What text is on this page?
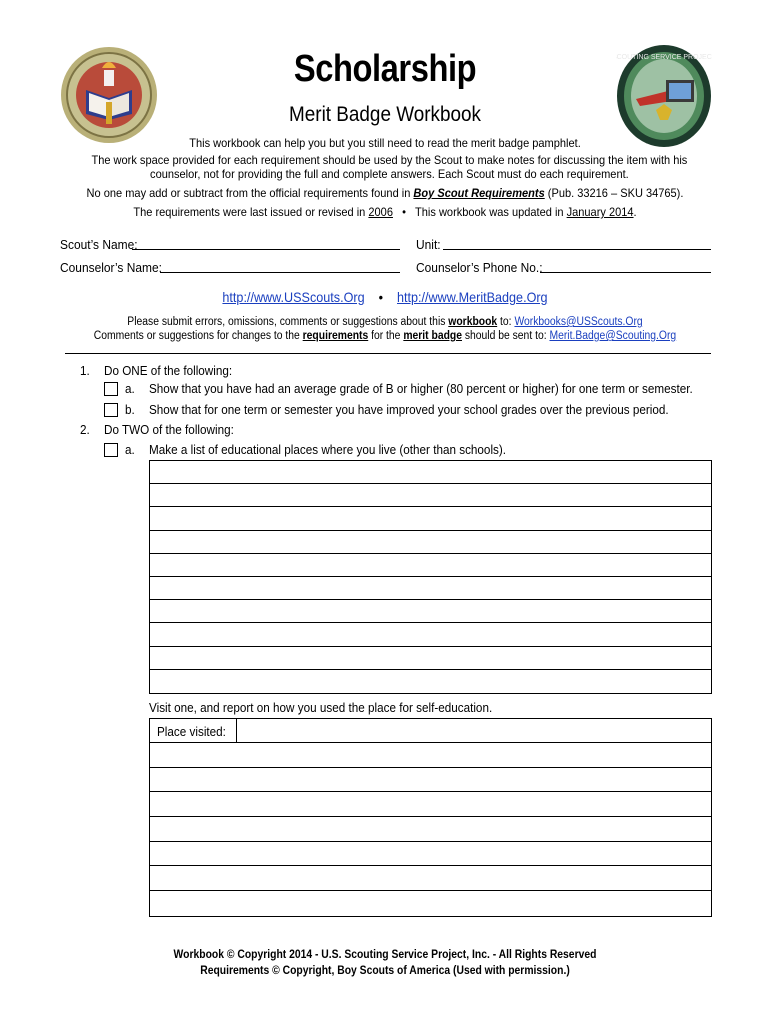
SCOUTING SERVICE PROJECT
Scholarship
Merit Badge Workbook
This workbook can help you but you still need to read the merit badge pamphlet.
The work space provided for each requirement should be used by the Scout to make notes for discussing the item with his counselor, not for providing the full and complete answers. Each Scout must do each requirement.
No one may add or subtract from the official requirements found in Boy Scout Requirements (Pub. 33216 – SKU 34765).
The requirements were last issued or revised in 2006   •   This workbook was updated in January 2014.
Scout’s Name:	Unit:
Counselor’s Name:	Counselor’s Phone No.:
http://www.USScouts.Org • http://www.MeritBadge.Org
Please submit errors, omissions, comments or suggestions about this workbook to: Workbooks@USScouts.Org
Comments or suggestions for changes to the requirements for the merit badge should be sent to: Merit.Badge@Scouting.Org
1. Do ONE of the following:
a. Show that you have had an average grade of B or higher (80 percent or higher) for one term or semester.
b. Show that for one term or semester you have improved your school grades over the previous period.
2. Do TWO of the following:
a. Make a list of educational places where you live (other than schools).
Visit one, and report on how you used the place for self-education.
Place visited:
Workbook © Copyright 2014 - U.S. Scouting Service Project, Inc. - All Rights Reserved
Requirements © Copyright, Boy Scouts of America (Used with permission.)
